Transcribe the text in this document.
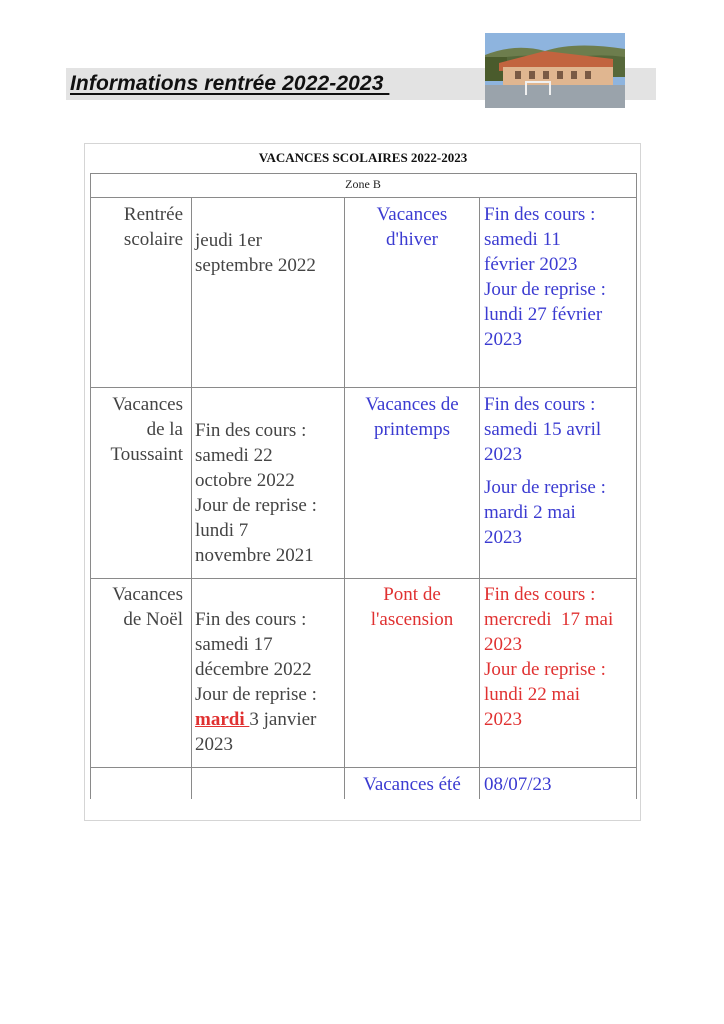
Informations rentrée 2022-2023
VACANCES SCOLAIRES 2022-2023
Zone B
Rentrée
scolaire jeudi 1er
septembre 2022
Vacances
d'hiver
Fin des cours :
samedi 11
février 2023
Jour de reprise :
lundi 27 février
2023
Vacances
de la
Toussaint
Fin des cours :
samedi 22
octobre 2022
Jour de reprise :
lundi 7
novembre 2021
Vacances de
printemps
Fin des cours :
samedi 15 avril
2023
Jour de reprise :
mardi 2 mai
2023
Vacances
de Noël Fin des cours :
samedi 17
décembre 2022
Jour de reprise :
mardi 3 janvier
2023
Pont de
l'ascension
Fin des cours :
mercredi  17 mai
2023
Jour de reprise :
lundi 22 mai
2023
Vacances été	08/07/23
